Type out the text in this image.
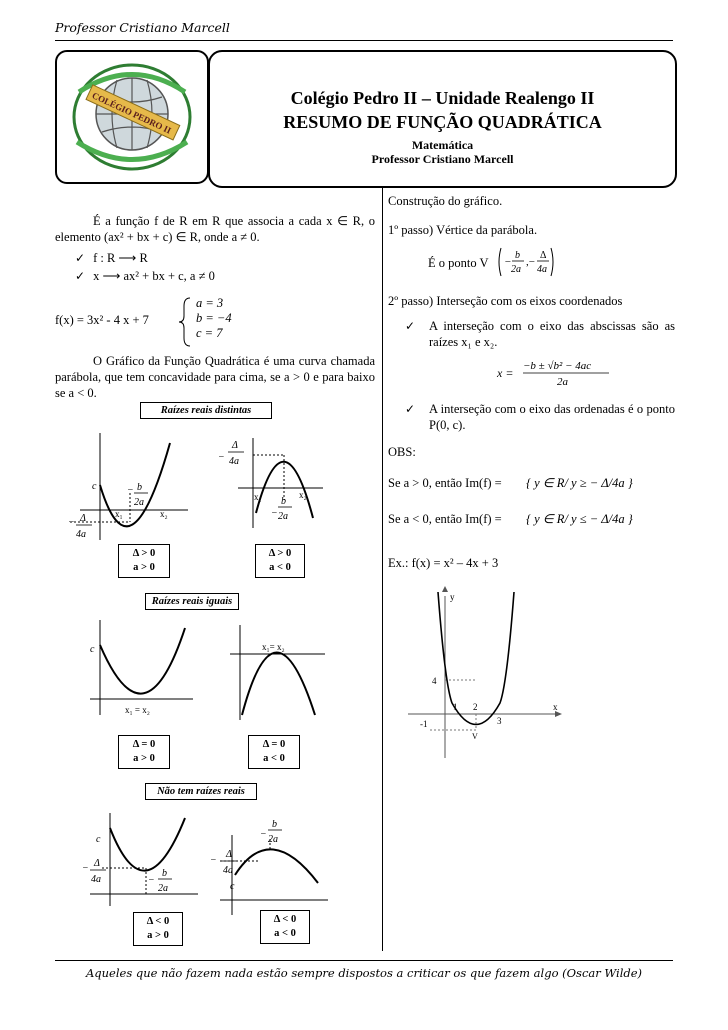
Professor Cristiano Marcell
COLÉGIO PEDRO II	Colégio Pedro II – Unidade Realengo II
RESUMO DE FUNÇÃO QUADRÁTICA
Matemática
Professor Cristiano Marcell
É a função f de R em R que associa a cada x ∈ R, o elemento (ax² + bx + c) ∈ R, onde a ≠ 0.
✓ f : R ⟶ R
✓ x ⟶ ax² + bx + c, a ≠ 0
f(x) = 3x² - 4 x + 7
a = 3
b = −4
c = 7
O Gráfico da Função Quadrática é uma curva chamada parábola, que tem concavidade para cima, se a > 0 e para baixo se a < 0.
Raízes reais distintas
c
x₁	x₂
− b
2a
− Δ
4a
−
Δ
4a
x₁	x₂
−
b
2a
Δ > 0
a > 0
Δ > 0
a < 0
Raízes reais iguais
c
x₁ = x₂
x₁= x₂
Δ = 0
a > 0
Δ = 0
a < 0
Não tem raízes reais
c
− Δ
4a	−
b
2a
−
b
2a
−
Δ
4a
c
Δ < 0
a > 0
Δ < 0
a < 0
Construção do gráfico.
1º passo) Vértice da parábola.
É o ponto V −
b
2a
,−
Δ
4a
2º passo) Interseção com os eixos coordenados
✓ A interseção com o eixo das abscissas são as raízes x₁ e x₂.
x = −b ± √b² − 4ac
2a
✓ A interseção com o eixo das ordenadas é o ponto P(0, c).
OBS:
Se a > 0, então Im(f) = { y ∈ R/ y ≥ − Δ/4a }
Se a < 0, então Im(f) = { y ∈ R/ y ≤ − Δ/4a }
Ex.: f(x) = x² – 4x + 3
y
x
4
-1
1 2
3
V
Aqueles que não fazem nada estão sempre dispostos a criticar os que fazem algo (Oscar Wilde)
